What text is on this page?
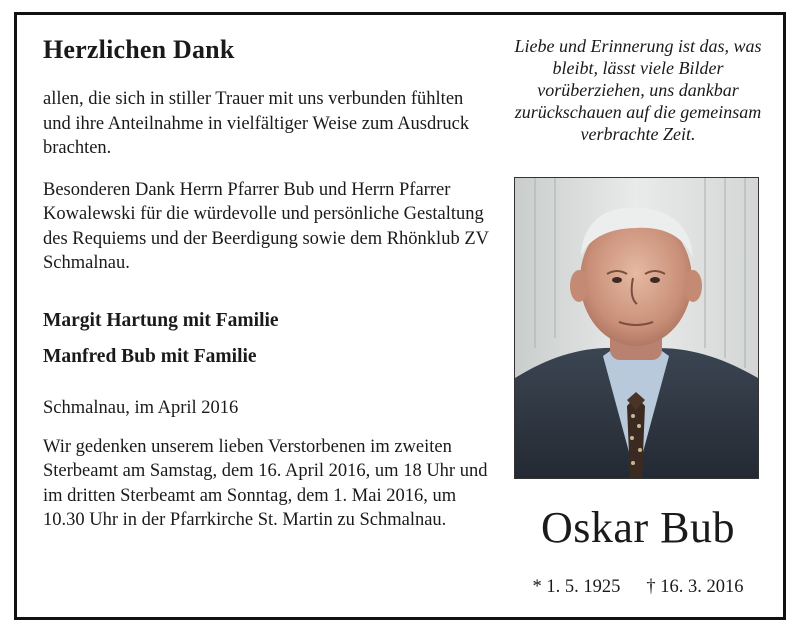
Herzlichen Dank

allen, die sich in stiller Trauer mit uns verbunden fühlten und ihre Anteilnahme in vielfältiger Weise zum Ausdruck brachten.

Besonderen Dank Herrn Pfarrer Bub und Herrn Pfarrer Kowalewski für die würdevolle und persönliche Gestaltung des Requiems und der Beerdigung sowie dem Rhönklub ZV Schmalnau.

Margit Hartung mit Familie
Manfred Bub mit Familie
Schmalnau, im April 2016

Wir gedenken unserem lieben Verstorbenen im zweiten Sterbeamt am Samstag, dem 16. April 2016, um 18 Uhr und im dritten Sterbeamt am Sonntag, dem 1. Mai 2016, um 10.30 Uhr in der Pfarrkirche St. Martin zu Schmalnau.

Liebe und Erinnerung ist das, was bleibt, lässt viele Bilder vorüberziehen, uns dankbar zurückschauen auf die gemeinsam verbrachte Zeit.

Oskar Bub
* 1. 5. 1925 † 16. 3. 2016
